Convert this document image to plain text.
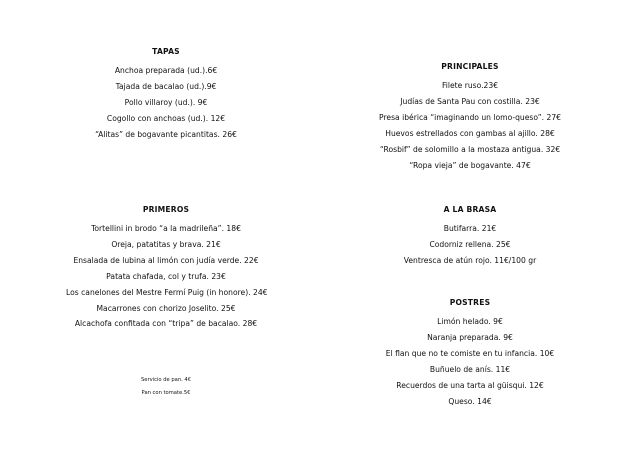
TAPAS
Anchoa preparada (ud.).6€
Tajada de bacalao (ud.).9€
Pollo villaroy (ud.). 9€
Cogollo con anchoas (ud.). 12€
“Alitas” de bogavante picantitas. 26€
PRINCIPALES
Filete ruso.23€
Judías de Santa Pau con costilla. 23€
Presa ibérica “imaginando un lomo-queso”. 27€
Huevos estrellados con gambas al ajillo. 28€
“Rosbif” de solomillo a la mostaza antigua. 32€
“Ropa vieja” de bogavante. 47€
PRIMEROS
Tortellini in brodo “a la madrileña”. 18€
Oreja, patatitas y brava. 21€
Ensalada de lubina al limón con judía verde. 22€
Patata chafada, col y trufa. 23€
Los canelones del Mestre Fermí Puig (in honore). 24€
Macarrones con chorizo Joselito. 25€
Alcachofa confitada con “tripa” de bacalao. 28€
A LA BRASA
Butifarra. 21€
Codorniz rellena. 25€
Ventresca de atún rojo. 11€/100 gr
POSTRES
Limón helado. 9€
Naranja preparada. 9€
El flan que no te comiste en tu infancia. 10€
Buñuelo de anís. 11€
Recuerdos de una tarta al güisqui. 12€
Queso. 14€
Servicio de pan. 4€
Pan con tomate.5€
